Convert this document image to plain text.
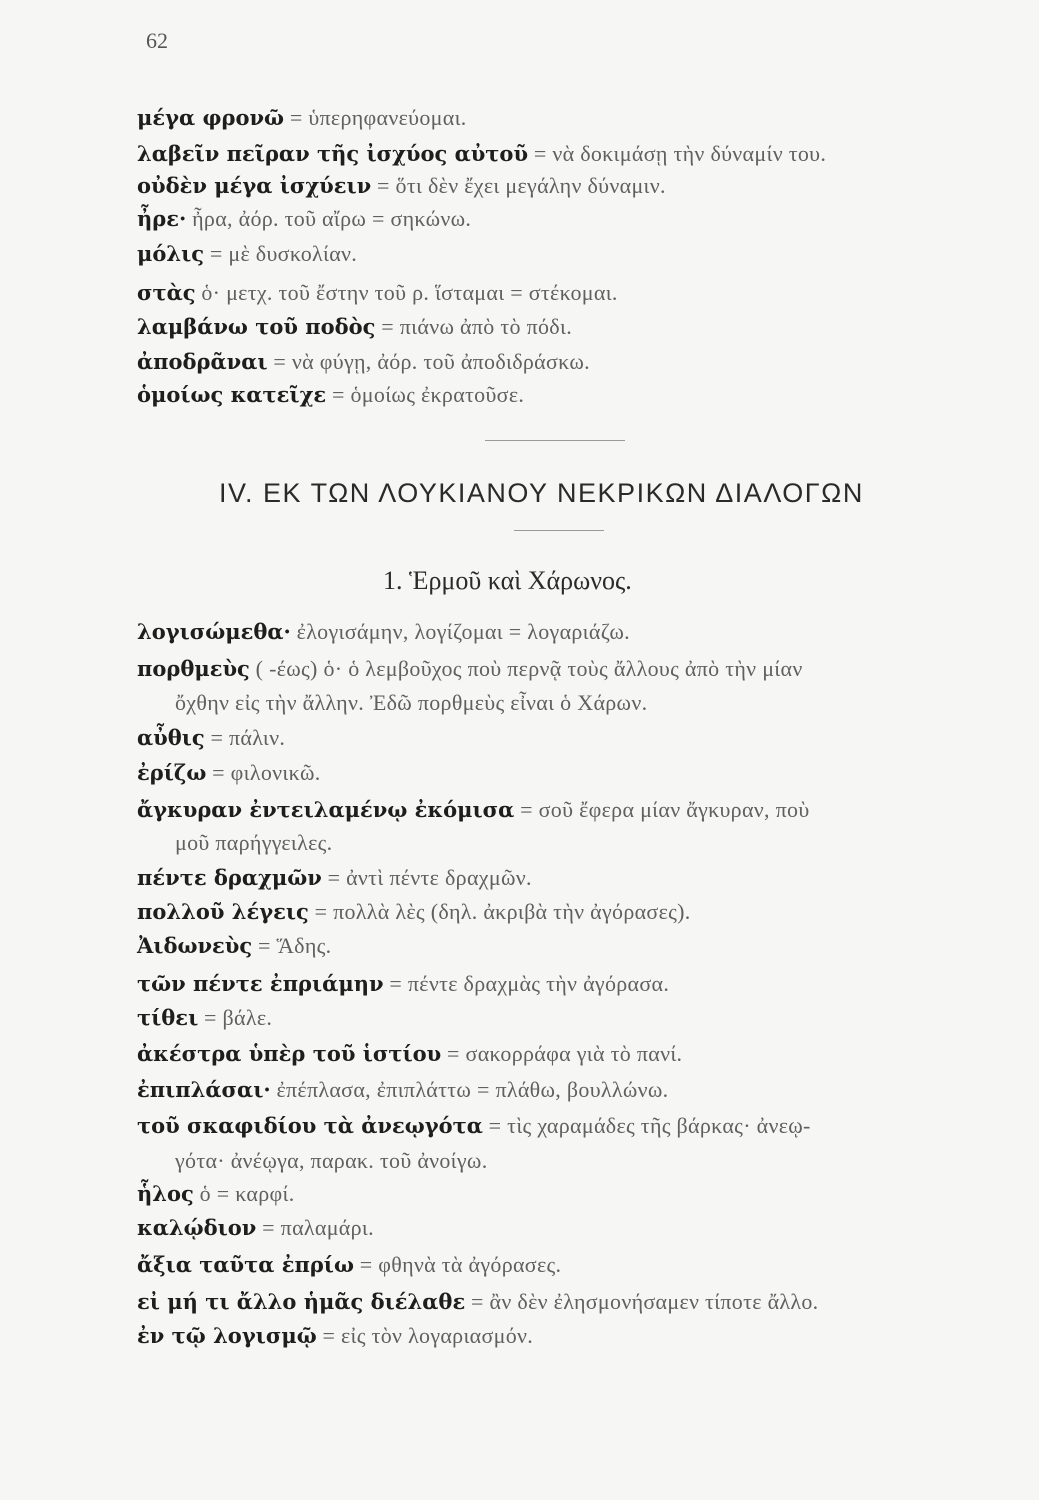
62
μέγα φρονῶ = ὑπερηφανεύομαι.
λαβεῖν πεῖραν τῆς ἰσχύος αὐτοῦ = νὰ δοκιμάσῃ τὴν δύναμίν του.
οὐδὲν μέγα ἰσχύειν = ὅτι δὲν ἔχει μεγάλην δύναμιν.
ἦρε· ἦρα, ἀόρ. τοῦ αἴρω = σηκώνω.
μόλις = μὲ δυσκολίαν.
στὰς ὁ· μετχ. τοῦ ἔστην τοῦ ρ. ἵσταμαι = στέκομαι.
λαμβάνω τοῦ ποδὸς = πιάνω ἀπὸ τὸ πόδι.
ἀποδρᾶναι = νὰ φύγῃ, ἀόρ. τοῦ ἀποδιδράσκω.
ὁμοίως κατεῖχε = ὁμοίως ἐκρατοῦσε.
IV. ΕΚ ΤΩΝ ΛΟΥΚΙΑΝΟΥ ΝΕΚΡΙΚΩΝ ΔΙΑΛΟΓΩΝ
1. Ἑρμοῦ καὶ Χάρωνος.
λογισώμεθα· ἐλογισάμην, λογίζομαι = λογαριάζω.
πορθμεὺς ( -έως) ὁ· ὁ λεμβοῦχος ποὺ περνᾷ τοὺς ἄλλους ἀπὸ τὴν μίαν
ὄχθην εἰς τὴν ἄλλην. Ἐδῶ πορθμεὺς εἶναι ὁ Χάρων.
αὖθις = πάλιν.
ἐρίζω = φιλονικῶ.
ἄγκυραν ἐντειλαμένῳ ἐκόμισα = σοῦ ἔφερα μίαν ἄγκυραν, ποὺ
μοῦ παρήγγειλες.
πέντε δραχμῶν = ἀντὶ πέντε δραχμῶν.
πολλοῦ λέγεις = πολλὰ λὲς (δηλ. ἀκριβὰ τὴν ἀγόρασες).
Ἀιδωνεὺς = Ἅδης.
τῶν πέντε ἐπριάμην = πέντε δραχμὰς τὴν ἀγόρασα.
τίθει = βάλε.
ἀκέστρα ὑπὲρ τοῦ ἱστίου = σακορράφα γιὰ τὸ πανί.
ἐπιπλάσαι· ἐπέπλασα, ἐπιπλάττω = πλάθω, βουλλώνω.
τοῦ σκαφιδίου τὰ ἀνεῳγότα = τὶς χαραμάδες τῆς βάρκας· ἀνεῳ-
γότα· ἀνέῳγα, παρακ. τοῦ ἀνοίγω.
ἧλος ὁ = καρφί.
καλῴδιον = παλαμάρι.
ἄξια ταῦτα ἐπρίω = φθηνὰ τὰ ἀγόρασες.
εἰ μή τι ἄλλο ἡμᾶς διέλαθε = ἂν δὲν ἐλησμονήσαμεν τίποτε ἄλλο.
ἐν τῷ λογισμῷ = εἰς τὸν λογαριασμόν.
